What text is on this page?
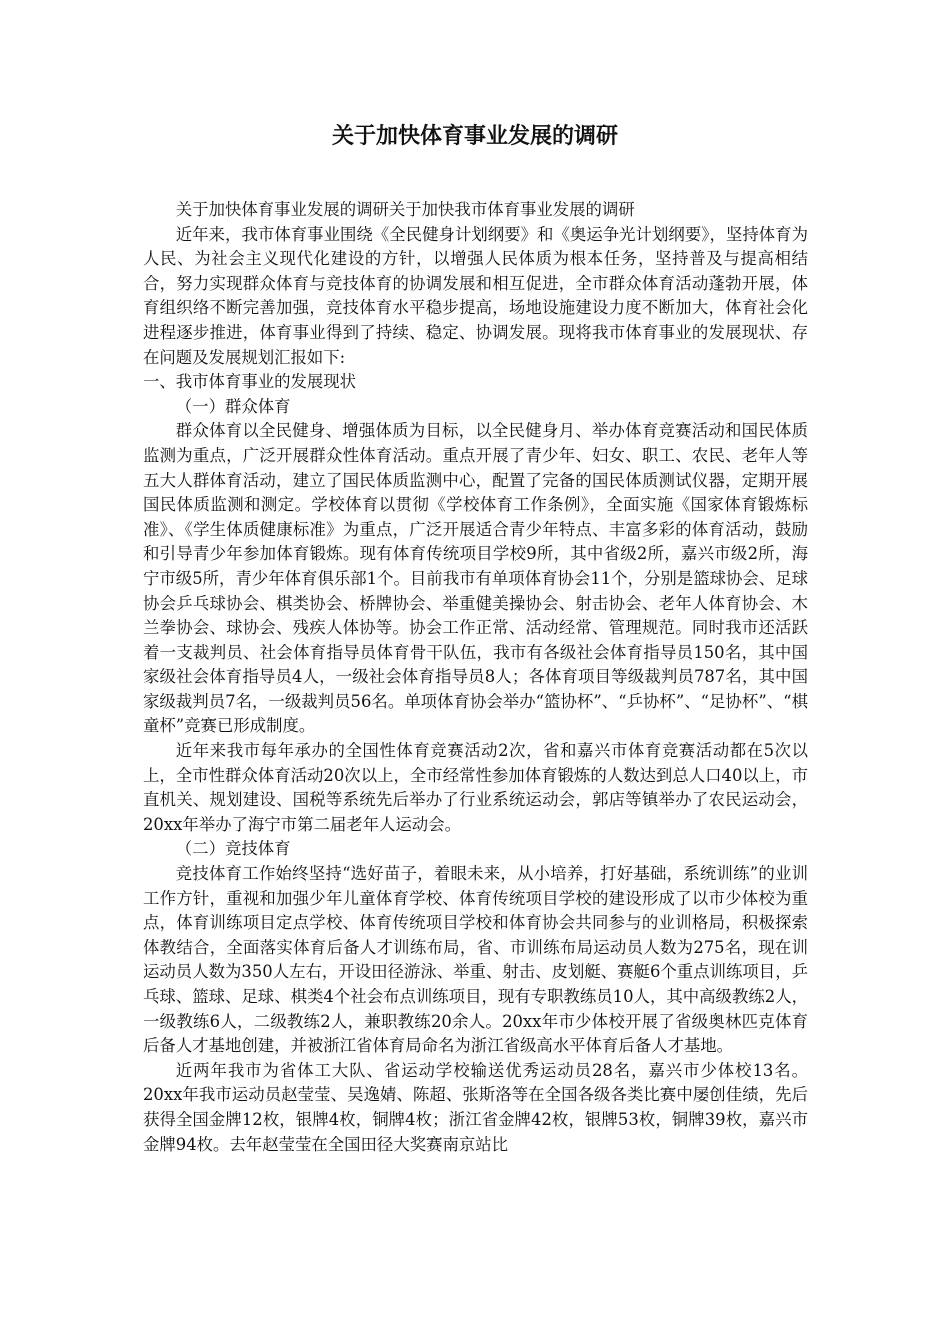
关于加快体育事业发展的调研

关于加快体育事业发展的调研关于加快我市体育事业发展的调研

近年来，我市体育事业围绕《全民健身计划纲要》和《奥运争光计划纲要》，坚持体育为人民、为社会主义现代化建设的方针，以增强人民体质为根本任务，坚持普及与提高相结合，努力实现群众体育与竞技体育的协调发展和相互促进，全市群众体育活动蓬勃开展，体育组织络不断完善加强，竞技体育水平稳步提高，场地设施建设力度不断加大，体育社会化进程逐步推进，体育事业得到了持续、稳定、协调发展。现将我市体育事业的发展现状、存在问题及发展规划汇报如下:

一、我市体育事业的发展现状

（一）群众体育

群众体育以全民健身、增强体质为目标，以全民健身月、举办体育竞赛活动和国民体质监测为重点，广泛开展群众性体育活动。重点开展了青少年、妇女、职工、农民、老年人等五大人群体育活动，建立了国民体质监测中心，配置了完备的国民体质测试仪器，定期开展国民体质监测和测定。学校体育以贯彻《学校体育工作条例》，全面实施《国家体育锻炼标准》、《学生体质健康标准》为重点，广泛开展适合青少年特点、丰富多彩的体育活动，鼓励和引导青少年参加体育锻炼。现有体育传统项目学校9所，其中省级2所，嘉兴市级2所，海宁市级5所，青少年体育俱乐部1个。目前我市有单项体育协会11个，分别是篮球协会、足球协会乒乓球协会、棋类协会、桥牌协会、举重健美操协会、射击协会、老年人体育协会、木兰拳协会、球协会、残疾人体协等。协会工作正常、活动经常、管理规范。同时我市还活跃着一支裁判员、社会体育指导员体育骨干队伍，我市有各级社会体育指导员150名，其中国家级社会体育指导员4人，一级社会体育指导员8人；各体育项目等级裁判员787名，其中国家级裁判员7名，一级裁判员56名。单项体育协会举办“篮协杯”、“乒协杯”、“足协杯”、“棋童杯”竞赛已形成制度。

近年来我市每年承办的全国性体育竞赛活动2次，省和嘉兴市体育竞赛活动都在5次以上，全市性群众体育活动20次以上，全市经常性参加体育锻炼的人数达到总人口40以上，市直机关、规划建设、国税等系统先后举办了行业系统运动会，郭店等镇举办了农民运动会，20xx年举办了海宁市第二届老年人运动会。

（二）竞技体育

竞技体育工作始终坚持“选好苗子，着眼未来，从小培养，打好基础，系统训练”的业训工作方针，重视和加强少年儿童体育学校、体育传统项目学校的建设形成了以市少体校为重点，体育训练项目定点学校、体育传统项目学校和体育协会共同参与的业训格局，积极探索体教结合，全面落实体育后备人才训练布局，省、市训练布局运动员人数为275名，现在训运动员人数为350人左右，开设田径游泳、举重、射击、皮划艇、赛艇6个重点训练项目，乒乓球、篮球、足球、棋类4个社会布点训练项目，现有专职教练员10人，其中高级教练2人，一级教练6人，二级教练2人，兼职教练20余人。20xx年市少体校开展了省级奥林匹克体育后备人才基地创建，并被浙江省体育局命名为浙江省级高水平体育后备人才基地。

近两年我市为省体工大队、省运动学校输送优秀运动员28名，嘉兴市少体校13名。20xx年我市运动员赵莹莹、吴逸婧、陈超、张斯洛等在全国各级各类比赛中屡创佳绩，先后获得全国金牌12枚，银牌4枚，铜牌4枚；浙江省金牌42枚，银牌53枚，铜牌39枚，嘉兴市金牌94枚。去年赵莹莹在全国田径大奖赛南京站比
